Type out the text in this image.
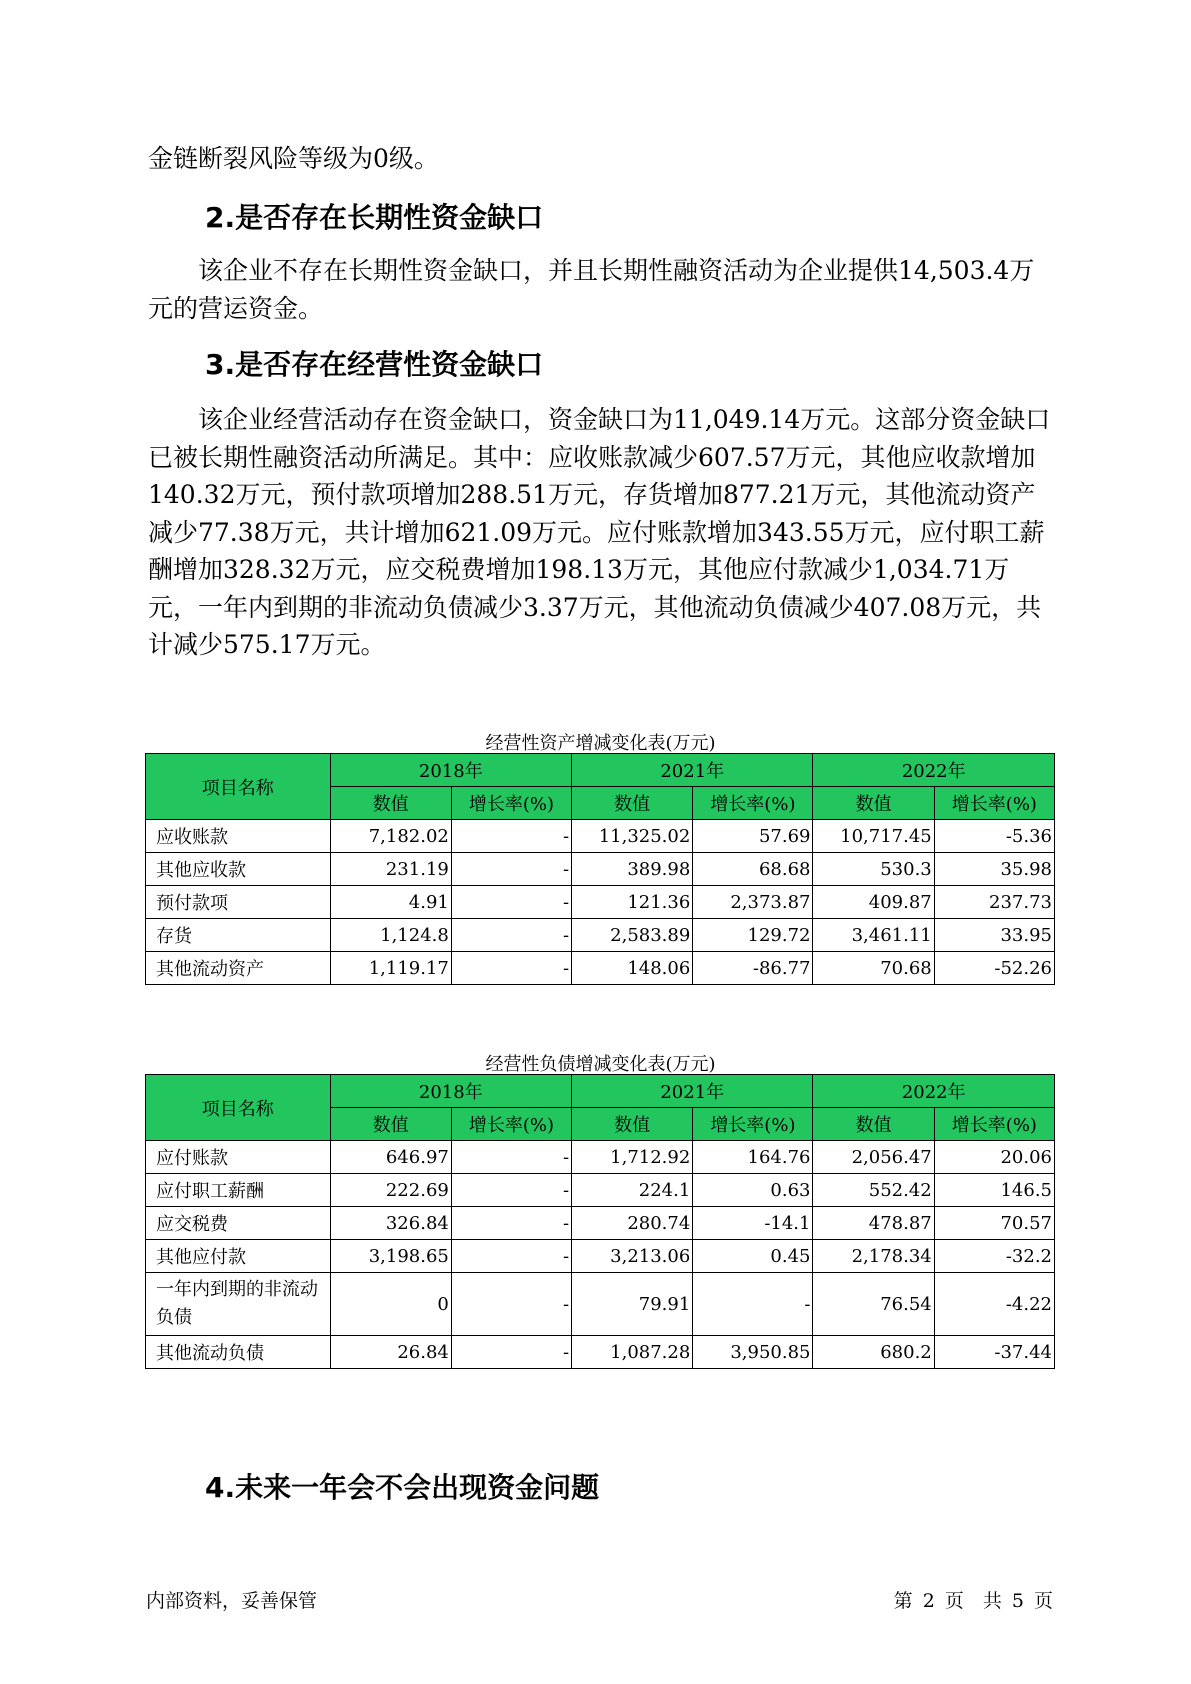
金链断裂风险等级为0级。
2.是否存在长期性资金缺口
　　该企业不存在长期性资金缺口，并且长期性融资活动为企业提供14,503.4万元的营运资金。
3.是否存在经营性资金缺口
　　该企业经营活动存在资金缺口，资金缺口为11,049.14万元。这部分资金缺口已被长期性融资活动所满足。其中：应收账款减少607.57万元，其他应收款增加140.32万元，预付款项增加288.51万元，存货增加877.21万元，其他流动资产减少77.38万元，共计增加621.09万元。应付账款增加343.55万元，应付职工薪酬增加328.32万元，应交税费增加198.13万元，其他应付款减少1,034.71万元，一年内到期的非流动负债减少3.37万元，其他流动负债减少407.08万元，共计减少575.17万元。
经营性资产增减变化表(万元)
项目名称	2018年		2021年		2022年	
	数值	增长率(%)	数值	增长率(%)	数值	增长率(%)
应收账款	7,182.02	-	11,325.02	57.69	10,717.45	-5.36
其他应收款	231.19	-	389.98	68.68	530.3	35.98
预付款项	4.91	-	121.36	2,373.87	409.87	237.73
存货	1,124.8	-	2,583.89	129.72	3,461.11	33.95
其他流动资产	1,119.17	-	148.06	-86.77	70.68	-52.26
经营性负债增减变化表(万元)
项目名称	2018年		2021年		2022年	
	数值	增长率(%)	数值	增长率(%)	数值	增长率(%)
应付账款	646.97	-	1,712.92	164.76	2,056.47	20.06
应付职工薪酬	222.69	-	224.1	0.63	552.42	146.5
应交税费	326.84	-	280.74	-14.1	478.87	70.57
其他应付款	3,198.65	-	3,213.06	0.45	2,178.34	-32.2
一年内到期的非流动负债	0	-	79.91	-	76.54	-4.22
其他流动负债	26.84	-	1,087.28	3,950.85	680.2	-37.44
4.未来一年会不会出现资金问题
内部资料，妥善保管	第 2 页　共 5 页
